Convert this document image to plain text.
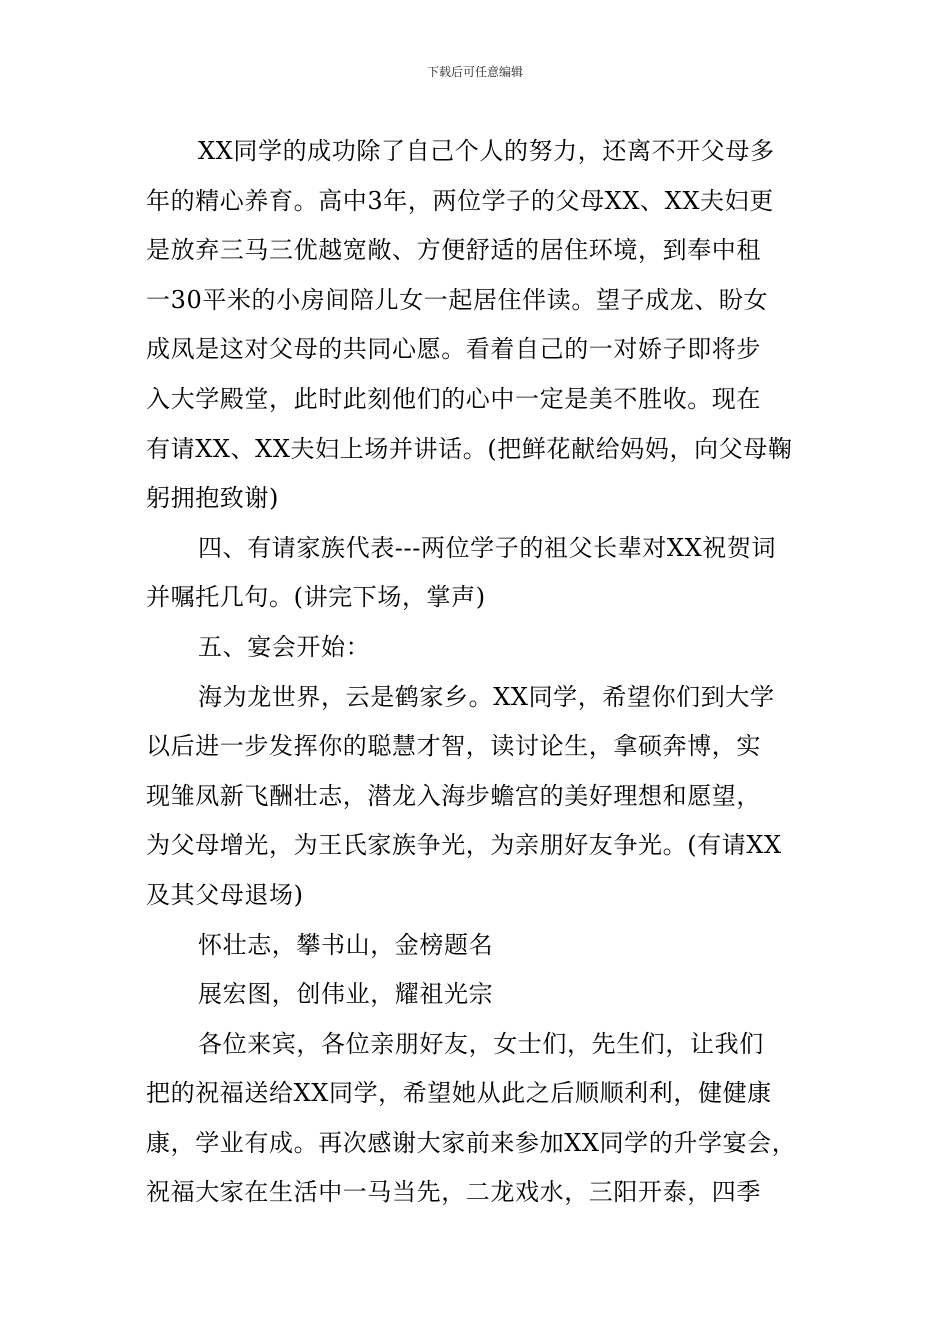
下载后可任意编辑

XX同学的成功除了自己个人的努力，还离不开父母多

年的精心养育。高中3年，两位学子的父母XX、XX夫妇更

是放弃三马三优越宽敞、方便舒适的居住环境，到奉中租

一30平米的小房间陪儿女一起居住伴读。望子成龙、盼女

成凤是这对父母的共同心愿。看着自己的一对娇子即将步

入大学殿堂，此时此刻他们的心中一定是美不胜收。现在

有请XX、XX夫妇上场并讲话。(把鲜花献给妈妈，向父母鞠

躬拥抱致谢)

四、有请家族代表---两位学子的祖父长辈对XX祝贺词

并嘱托几句。(讲完下场，掌声)

五、宴会开始：

海为龙世界，云是鹤家乡。XX同学，希望你们到大学

以后进一步发挥你的聪慧才智，读讨论生，拿硕奔博，实

现雏凤新飞酬壮志，潜龙入海步蟾宫的美好理想和愿望，

为父母增光，为王氏家族争光，为亲朋好友争光。(有请XX

及其父母退场)

怀壮志，攀书山，金榜题名

展宏图，创伟业，耀祖光宗

各位来宾，各位亲朋好友，女士们，先生们，让我们

把的祝福送给XX同学，希望她从此之后顺顺利利，健健康

康，学业有成。再次感谢大家前来参加XX同学的升学宴会，

祝福大家在生活中一马当先，二龙戏水，三阳开泰，四季
